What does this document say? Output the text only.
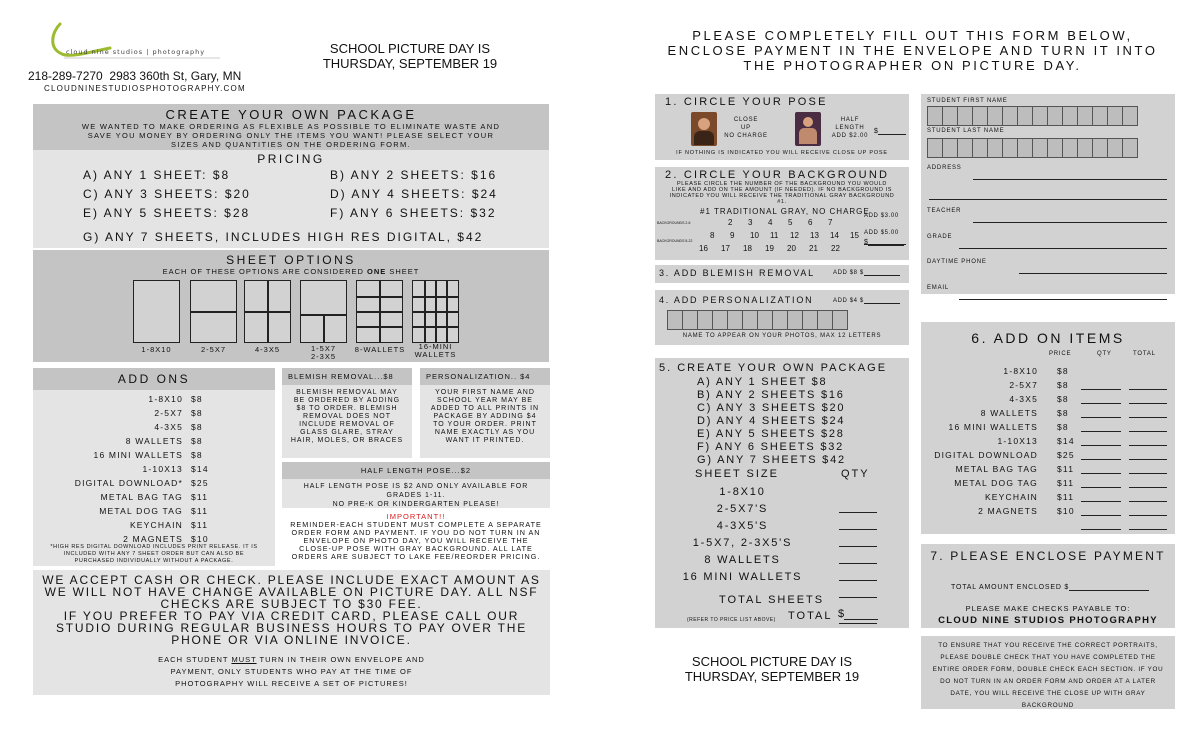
cloud nine studios | photography
218-289-7270 2983 360th St, Gary, MN
CLOUDNINESTUDIOSPHOTOGRAPHY.COM
SCHOOL PICTURE DAY IS
THURSDAY, SEPTEMBER 19
CREATE YOUR OWN PACKAGE
WE WANTED TO MAKE ORDERING AS FLEXIBLE AS POSSIBLE TO ELIMINATE WASTE AND SAVE YOU MONEY BY ORDERING ONLY THE ITEMS YOU WANT! PLEASE SELECT YOUR SIZES AND QUANTITIES ON THE ORDERING FORM.
PRICING
A) ANY 1 SHEET: $8	B) ANY 2 SHEETS: $16
C) ANY 3 SHEETS: $20	D) ANY 4 SHEETS: $24
E) ANY 5 SHEETS: $28	F) ANY 6 SHEETS: $32
G) ANY 7 SHEETS, INCLUDES HIGH RES DIGITAL, $42
SHEET OPTIONS
EACH OF THESE OPTIONS ARE CONSIDERED ONE SHEET
1-8X10	2-5X7	4-3X5	1-5X7
2-3X5
8-WALLETS	16-MINI
WALLETS
ADD ONS
1-8X10 $8
2-5X7 $8
4-3X5 $8
8 WALLETS $8
16 MINI WALLETS $8
1-10X13 $14
DIGITAL DOWNLOAD* $25
METAL BAG TAG $11
METAL DOG TAG $11
KEYCHAIN $11
2 MAGNETS $10
*HIGH RES DIGITAL DOWNLOAD INCLUDES PRINT RELEASE. IT IS INCLUDED WITH ANY 7 SHEET ORDER BUT CAN ALSO BE PURCHASED INDIVIDUALLY WITHOUT A PACKAGE.
BLEMISH REMOVAL...$8
BLEMISH REMOVAL MAY BE ORDERED BY ADDING $8 TO ORDER. BLEMISH REMOVAL DOES NOT INCLUDE REMOVAL OF GLASS GLARE, STRAY HAIR, MOLES, OR BRACES
PERSONALIZATION.. $4
YOUR FIRST NAME AND SCHOOL YEAR MAY BE ADDED TO ALL PRINTS IN PACKAGE BY ADDING $4 TO YOUR ORDER. PRINT NAME EXACTLY AS YOU WANT IT PRINTED.
HALF LENGTH POSE...$2
HALF LENGTH POSE IS $2 AND ONLY AVAILABLE FOR GRADES 1-11.
NO PRE-K OR KINDERGARTEN PLEASE!
IMPORTANT!!
REMINDER-EACH STUDENT MUST COMPLETE A SEPARATE ORDER FORM AND PAYMENT. IF YOU DO NOT TURN IN AN ENVELOPE ON PHOTO DAY, YOU WILL RECEIVE THE CLOSE-UP POSE WITH GRAY BACKGROUND. ALL LATE ORDERS ARE SUBJECT TO LAKE FEE/REORDER PRICING.
WE ACCEPT CASH OR CHECK. PLEASE INCLUDE EXACT AMOUNT AS WE WILL NOT HAVE CHANGE AVAILABLE ON PICTURE DAY. ALL NSF CHECKS ARE SUBJECT TO $30 FEE.
IF YOU PREFER TO PAY VIA CREDIT CARD, PLEASE CALL OUR STUDIO DURING REGULAR BUSINESS HOURS TO PAY OVER THE PHONE OR VIA ONLINE INVOICE.
EACH STUDENT MUST TURN IN THEIR OWN ENVELOPE AND PAYMENT, ONLY STUDENTS WHO PAY AT THE TIME OF PHOTOGRAPHY WILL RECEIVE A SET OF PICTURES!
PLEASE COMPLETELY FILL OUT THIS FORM BELOW, ENCLOSE PAYMENT IN THE ENVELOPE AND TURN IT INTO THE PHOTOGRAPHER ON PICTURE DAY.
1. CIRCLE YOUR POSE
CLOSE
UP
NO CHARGE
HALF
LENGTH
ADD $2.00
$
IF NOTHING IS INDICATED YOU WILL RECEIVE CLOSE UP POSE
2. CIRCLE YOUR BACKGROUND
PLEASE CIRCLE THE NUMBER OF THE BACKGROUND YOU WOULD LIKE AND ADD ON THE AMOUNT (IF NEEDED). IF NO BACKGROUND IS INDICATED YOU WILL RECEIVE THE TRADITIONAL GRAY BACKGROUND #1.
#1 TRADITIONAL GRAY, NO CHARGE
BACKGROUNDS 2-6
BACKGROUNDS 8-22
2 3 4 5 6 7
8 9 10 11 12 13 14 15
16 17 18 19 20 21 22
ADD $3.00
ADD $5.00
$
3. ADD BLEMISH REMOVAL	ADD $8 $
4. ADD PERSONALIZATION	ADD $4 $

NAME TO APPEAR ON YOUR PHOTOS, MAX 12 LETTERS
5. CREATE YOUR OWN PACKAGE
A) ANY 1 SHEET $8
B) ANY 2 SHEETS $16
C) ANY 3 SHEETS $20
D) ANY 4 SHEETS $24
E) ANY 5 SHEETS $28
F) ANY 6 SHEETS $32
G) ANY 7 SHEETS $42
SHEET SIZE	QTY
1-8X10
2-5X7'S
4-3X5'S
1-5X7, 2-3X5'S
8 WALLETS
16 MINI WALLETS
TOTAL SHEETS
(REFER TO PRICE LIST ABOVE) TOTAL $
SCHOOL PICTURE DAY IS
THURSDAY, SEPTEMBER 19
STUDENT FIRST NAME

STUDENT LAST NAME

ADDRESS
TEACHER
GRADE
DAYTIME PHONE
EMAIL
6. ADD ON ITEMS
PRICE	QTY	TOTAL
1-8X10 $8
2-5X7 $8
4-3X5 $8
8 WALLETS $8
16 MINI WALLETS $8
1-10X13 $14
DIGITAL DOWNLOAD $25
METAL BAG TAG $11
METAL DOG TAG $11
KEYCHAIN $11
2 MAGNETS $10
7. PLEASE ENCLOSE PAYMENT
TOTAL AMOUNT ENCLOSED $
PLEASE MAKE CHECKS PAYABLE TO:
CLOUD NINE STUDIOS PHOTOGRAPHY
TO ENSURE THAT YOU RECEIVE THE CORRECT PORTRAITS, PLEASE DOUBLE CHECK THAT YOU HAVE COMPLETED THE ENTIRE ORDER FORM, DOUBLE CHECK EACH SECTION. IF YOU DO NOT TURN IN AN ORDER FORM AND ORDER AT A LATER DATE, YOU WILL RECEIVE THE CLOSE UP WITH GRAY BACKGROUND
